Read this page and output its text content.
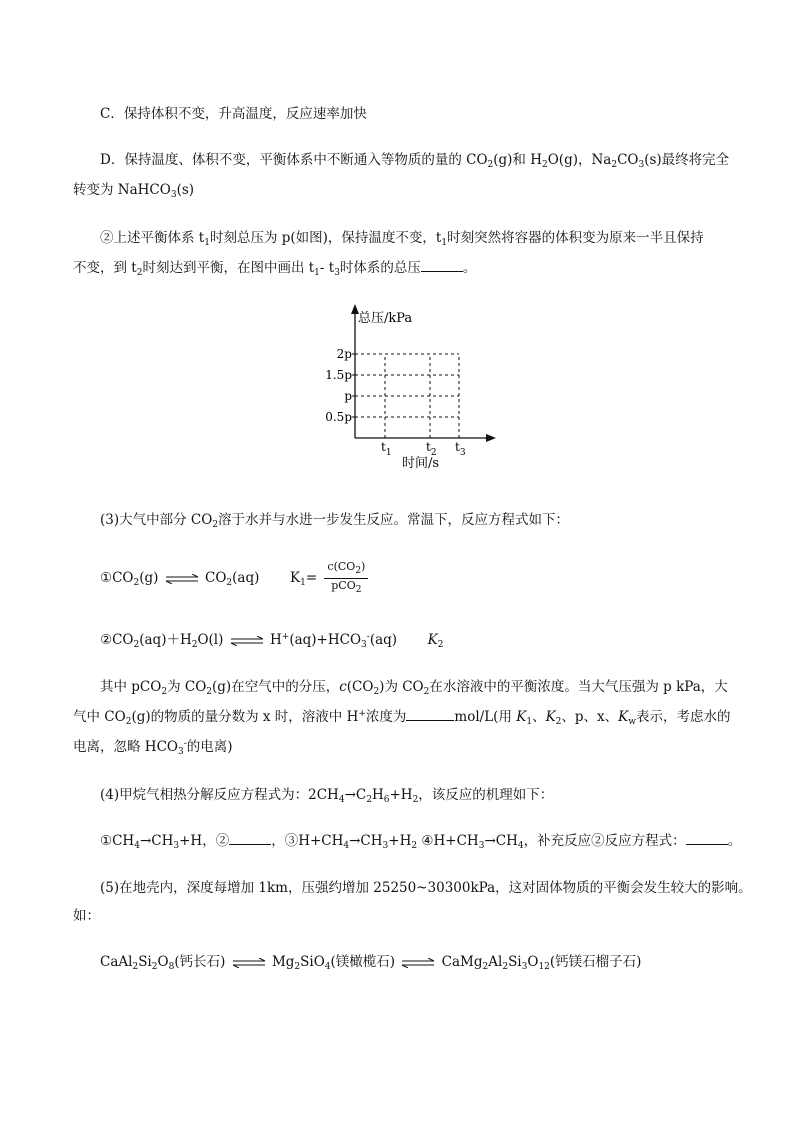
C．保持体积不变，升高温度，反应速率加快
D．保持温度、体积不变，平衡体系中不断通入等物质的量的 $CO_2(g)$和 $H_2O(g)$，$Na_2CO_3(s)$最终将完全
转变为 NaHCO$_3$(s)
②上述平衡体系 $t_1$时刻总压为 p(如图)，保持温度不变，$t_1$时刻突然将容器的体积变为原来一半且保持
不变，到 $t_2$时刻达到平衡，在图中画出 $t_1-$ $t_3$时体系的总压	。
0.5p
p
1.5p
2p
$t_1$	$t_2$ $t_3$
总压/kPa
时间/s
(3)大气中部分 $CO_2$溶于水并与水进一步发生反应。常温下，反应方程式如下：
$①CO_2(g)$ ⇌ $CO_2(aq)$ $K_1= \frac{c(CO_2)}{pCO_2}$
$②CO_2(aq)+H_2O(l)$ ⇌ $H^+(aq)+HCO_3^-(aq)$ $K_2$
其中 pCO$_2$为 $CO_2(g)$在空气中的分压，$c(CO_2)$为 $CO_2$在水溶液中的平衡浓度。当大气压强为 p kPa，大
气中 $CO_2(g)$的物质的量分数为 x 时，溶液中 H+浓度为	mol/L(用 $K_1$、$K_2$、p、x、$K_w$表示，考虑水的
电离，忽略 $HCO_3^-$的电离)
(4)甲烷气相热分解反应方程式为：$2CH_4\to C_2H_6+H_2$，该反应的机理如下：
$①CH_4\to CH_3+H$，②	，$③H+CH_4\to CH_3+H_2$ $④H+CH_3\to CH_4$，补充反应②反应方程式：	。
(5)在地壳内，深度每增加 1km，压强约增加 25250~30300kPa，这对固体物质的平衡会发生较大的影响。
如：
$CaAl_2Si_2O_8$(钙长石) ⇌ $Mg_2SiO_4$(镁橄榄石) ⇌ $CaMg_2Al_2Si_3O_{12}$(钙镁石榴子石)
